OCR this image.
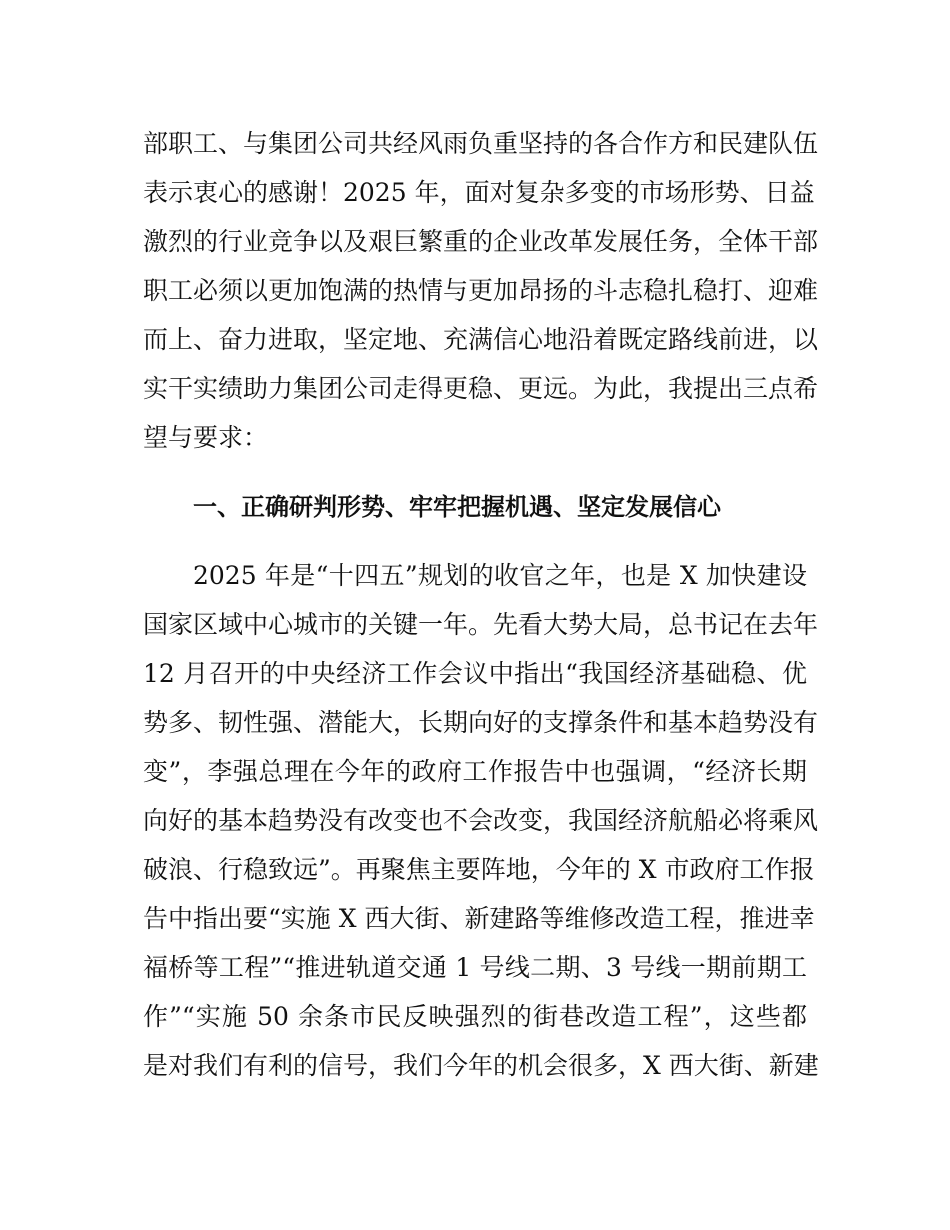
部职工、与集团公司共经风雨负重坚持的各合作方和民建队伍
表示衷心的感谢！2025 年，面对复杂多变的市场形势、日益
激烈的行业竞争以及艰巨繁重的企业改革发展任务，全体干部
职工必须以更加饱满的热情与更加昂扬的斗志稳扎稳打、迎难
而上、奋力进取，坚定地、充满信心地沿着既定路线前进，以
实干实绩助力集团公司走得更稳、更远。为此，我提出三点希
望与要求：
一、正确研判形势、牢牢把握机遇、坚定发展信心
2025 年是“十四五”规划的收官之年，也是 X 加快建设
国家区域中心城市的关键一年。先看大势大局，总书记在去年
12 月召开的中央经济工作会议中指出“我国经济基础稳、优
势多、韧性强、潜能大，长期向好的支撑条件和基本趋势没有
变”，李强总理在今年的政府工作报告中也强调，“经济长期
向好的基本趋势没有改变也不会改变，我国经济航船必将乘风
破浪、行稳致远”。再聚焦主要阵地，今年的 X 市政府工作报
告中指出要“实施 X 西大街、新建路等维修改造工程，推进幸
福桥等工程”“推进轨道交通 1 号线二期、3 号线一期前期工
作”“实施 50 余条市民反映强烈的街巷改造工程”，这些都
是对我们有利的信号，我们今年的机会很多，X 西大街、新建
